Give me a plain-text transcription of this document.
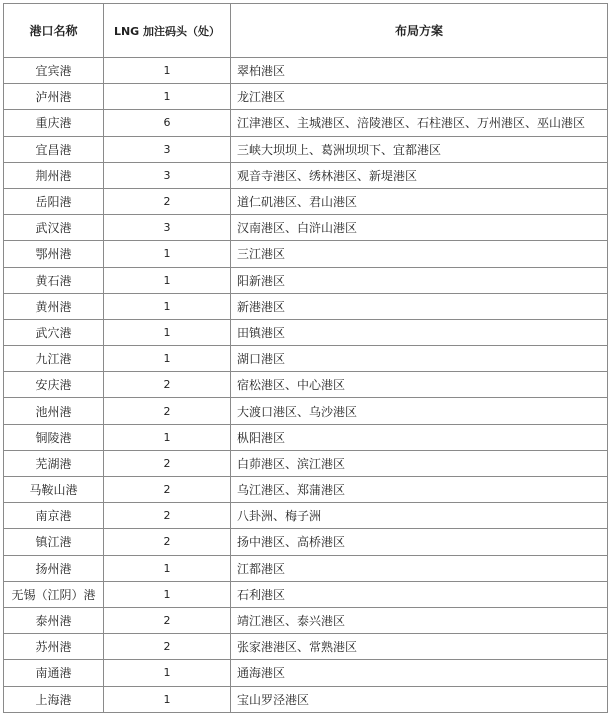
港口名称	LNG 加注码头（处）	布局方案
宜宾港	1	翠柏港区
泸州港	1	龙江港区
重庆港	6	江津港区、主城港区、涪陵港区、石柱港区、万州港区、巫山港区
宜昌港	3	三峡大坝坝上、葛洲坝坝下、宜都港区
荆州港	3	观音寺港区、绣林港区、新堤港区
岳阳港	2	道仁矶港区、君山港区
武汉港	3	汉南港区、白浒山港区
鄂州港	1	三江港区
黄石港	1	阳新港区
黄州港	1	新港港区
武穴港	1	田镇港区
九江港	1	湖口港区
安庆港	2	宿松港区、中心港区
池州港	2	大渡口港区、乌沙港区
铜陵港	1	枞阳港区
芜湖港	2	白茆港区、滨江港区
马鞍山港	2	乌江港区、郑蒲港区
南京港	2	八卦洲、梅子洲
镇江港	2	扬中港区、高桥港区
扬州港	1	江都港区
无锡（江阴）港	1	石利港区
泰州港	2	靖江港区、泰兴港区
苏州港	2	张家港港区、常熟港区
南通港	1	通海港区
上海港	1	宝山罗泾港区
